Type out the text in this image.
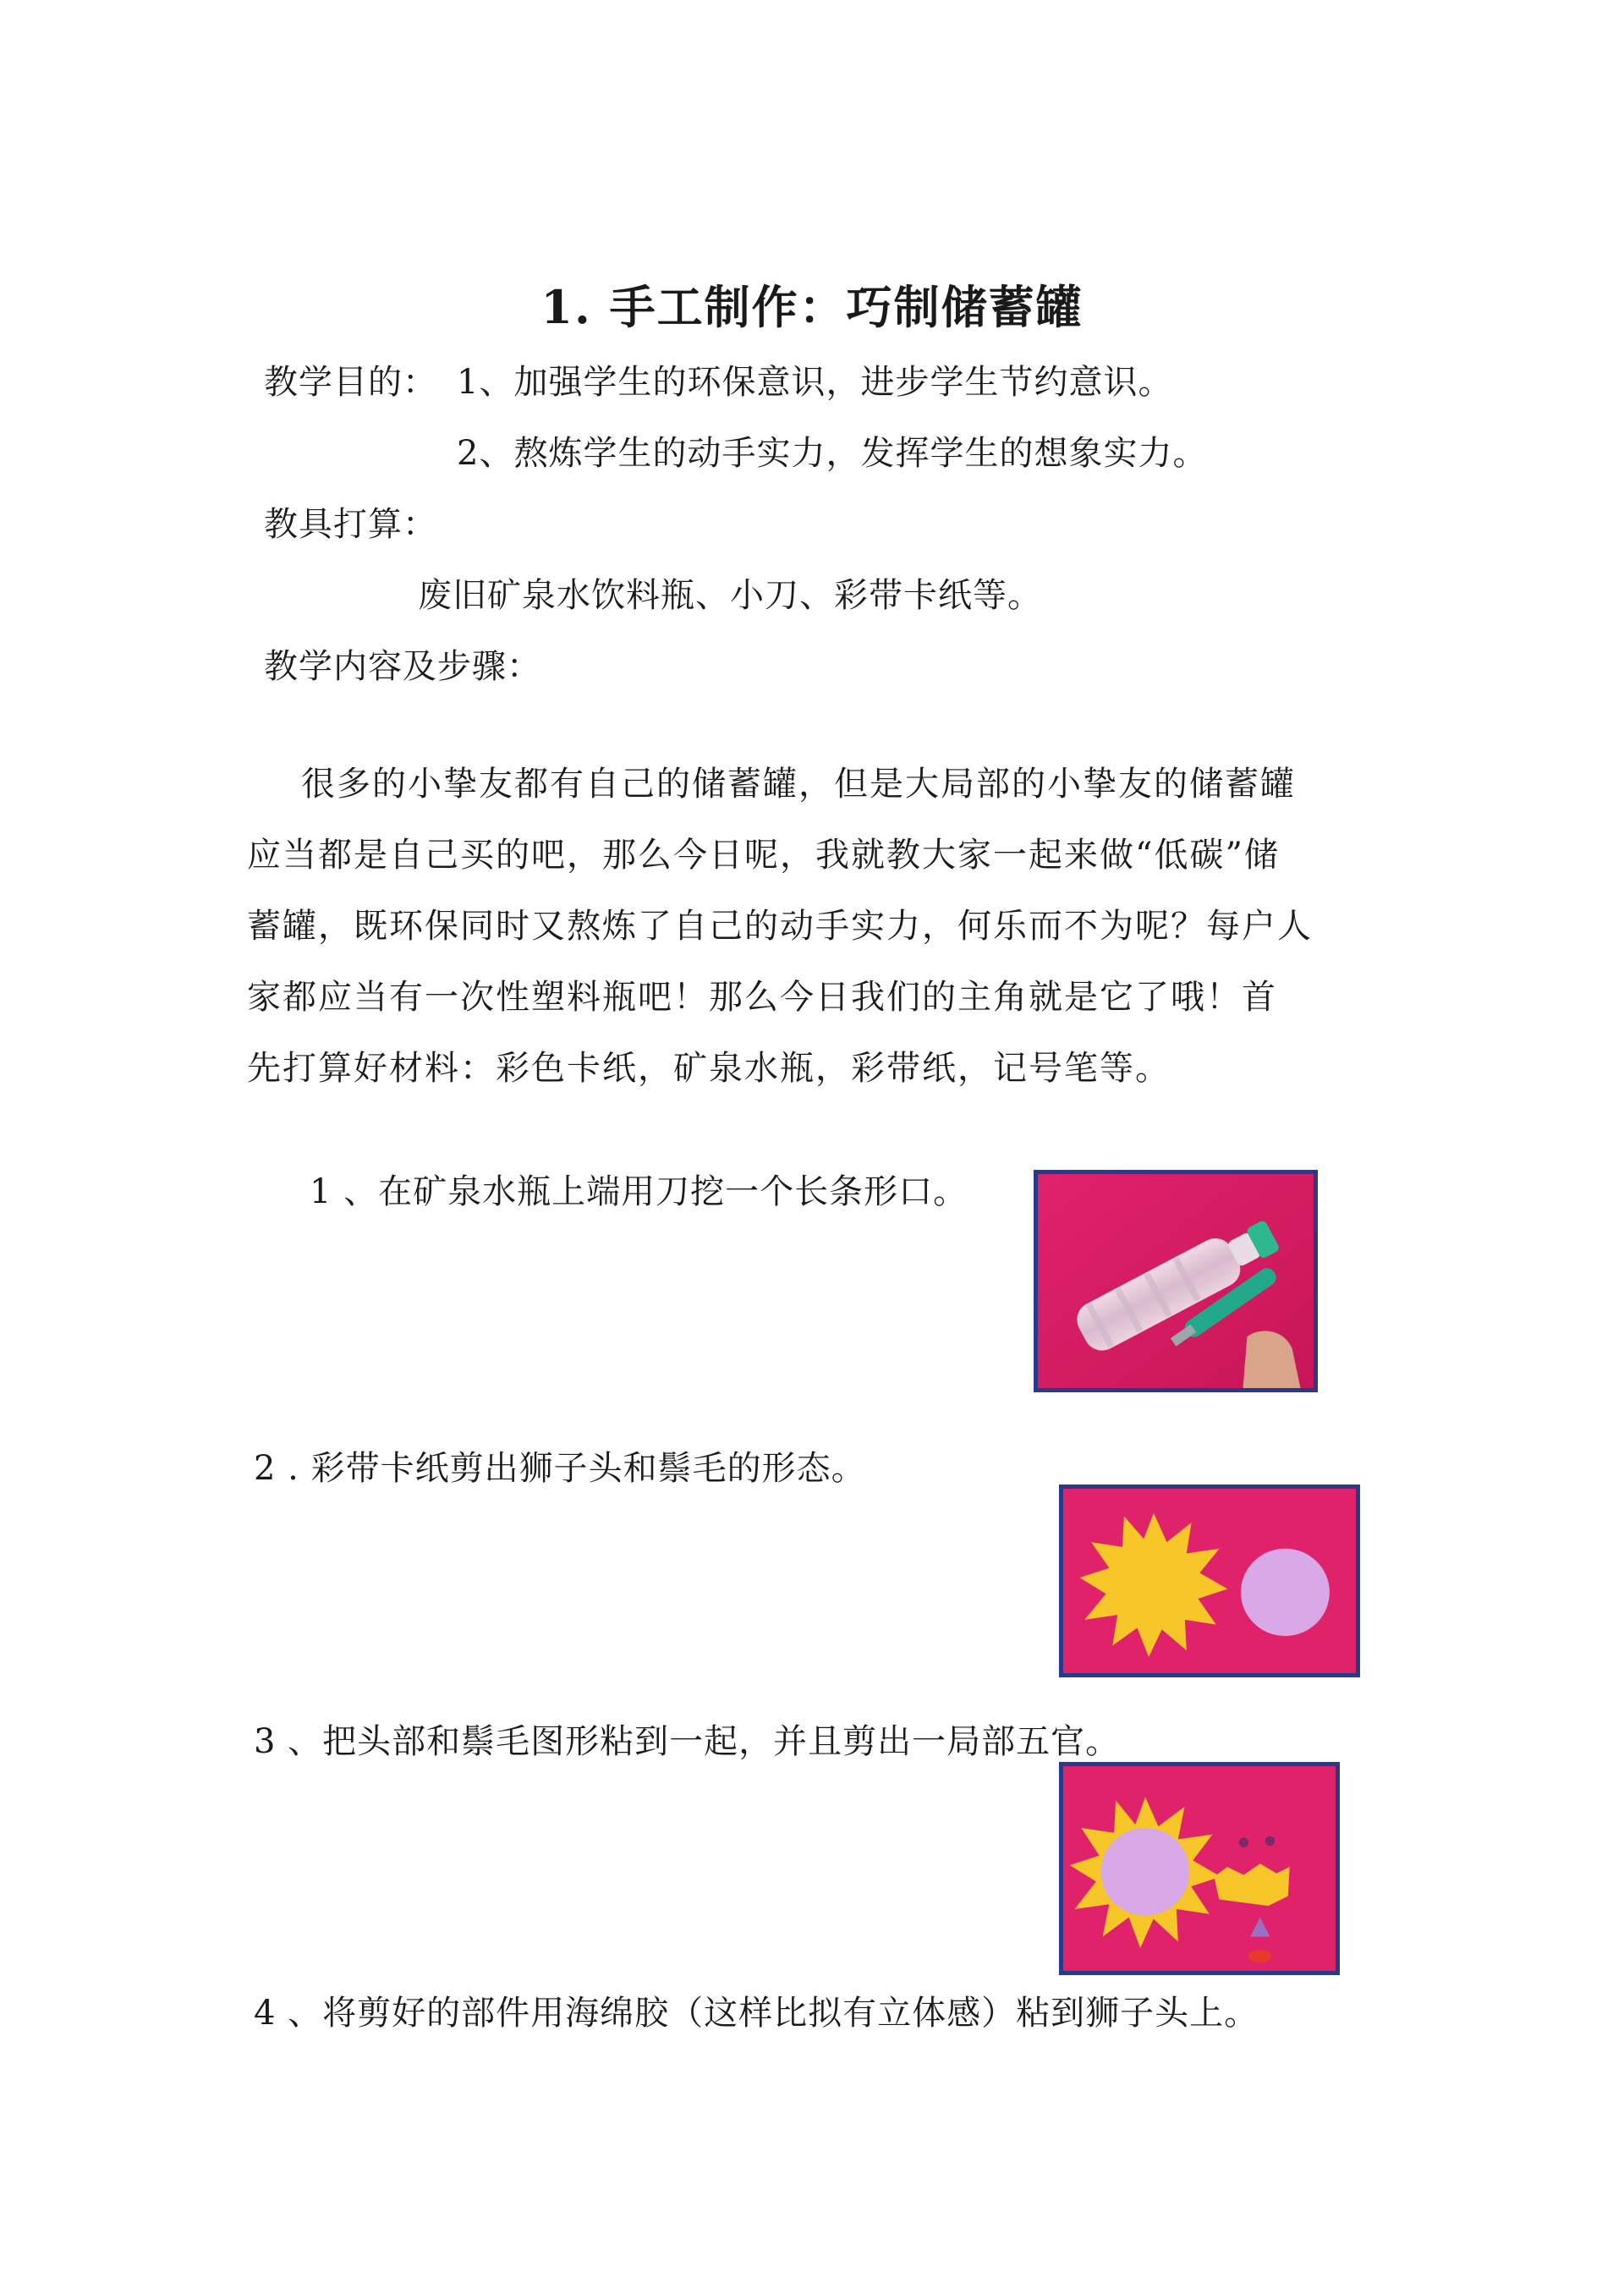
1. 手工制作：巧制储蓄罐
教学目的： 1、加强学生的环保意识，进步学生节约意识。
2、熬炼学生的动手实力，发挥学生的想象实力。
教具打算：
废旧矿泉水饮料瓶、小刀、彩带卡纸等。
教学内容及步骤：
很多的小挚友都有自己的储蓄罐，但是大局部的小挚友的储蓄罐
应当都是自己买的吧，那么今日呢，我就教大家一起来做“低碳”储
蓄罐，既环保同时又熬炼了自己的动手实力，何乐而不为呢？每户人
家都应当有一次性塑料瓶吧！那么今日我们的主角就是它了哦！首
先打算好材料：彩色卡纸，矿泉水瓶，彩带纸，记号笔等。
1 、在矿泉水瓶上端用刀挖一个长条形口。
2 . 彩带卡纸剪出狮子头和鬃毛的形态。
3 、把头部和鬃毛图形粘到一起，并且剪出一局部五官。
4 、将剪好的部件用海绵胶（这样比拟有立体感）粘到狮子头上。
